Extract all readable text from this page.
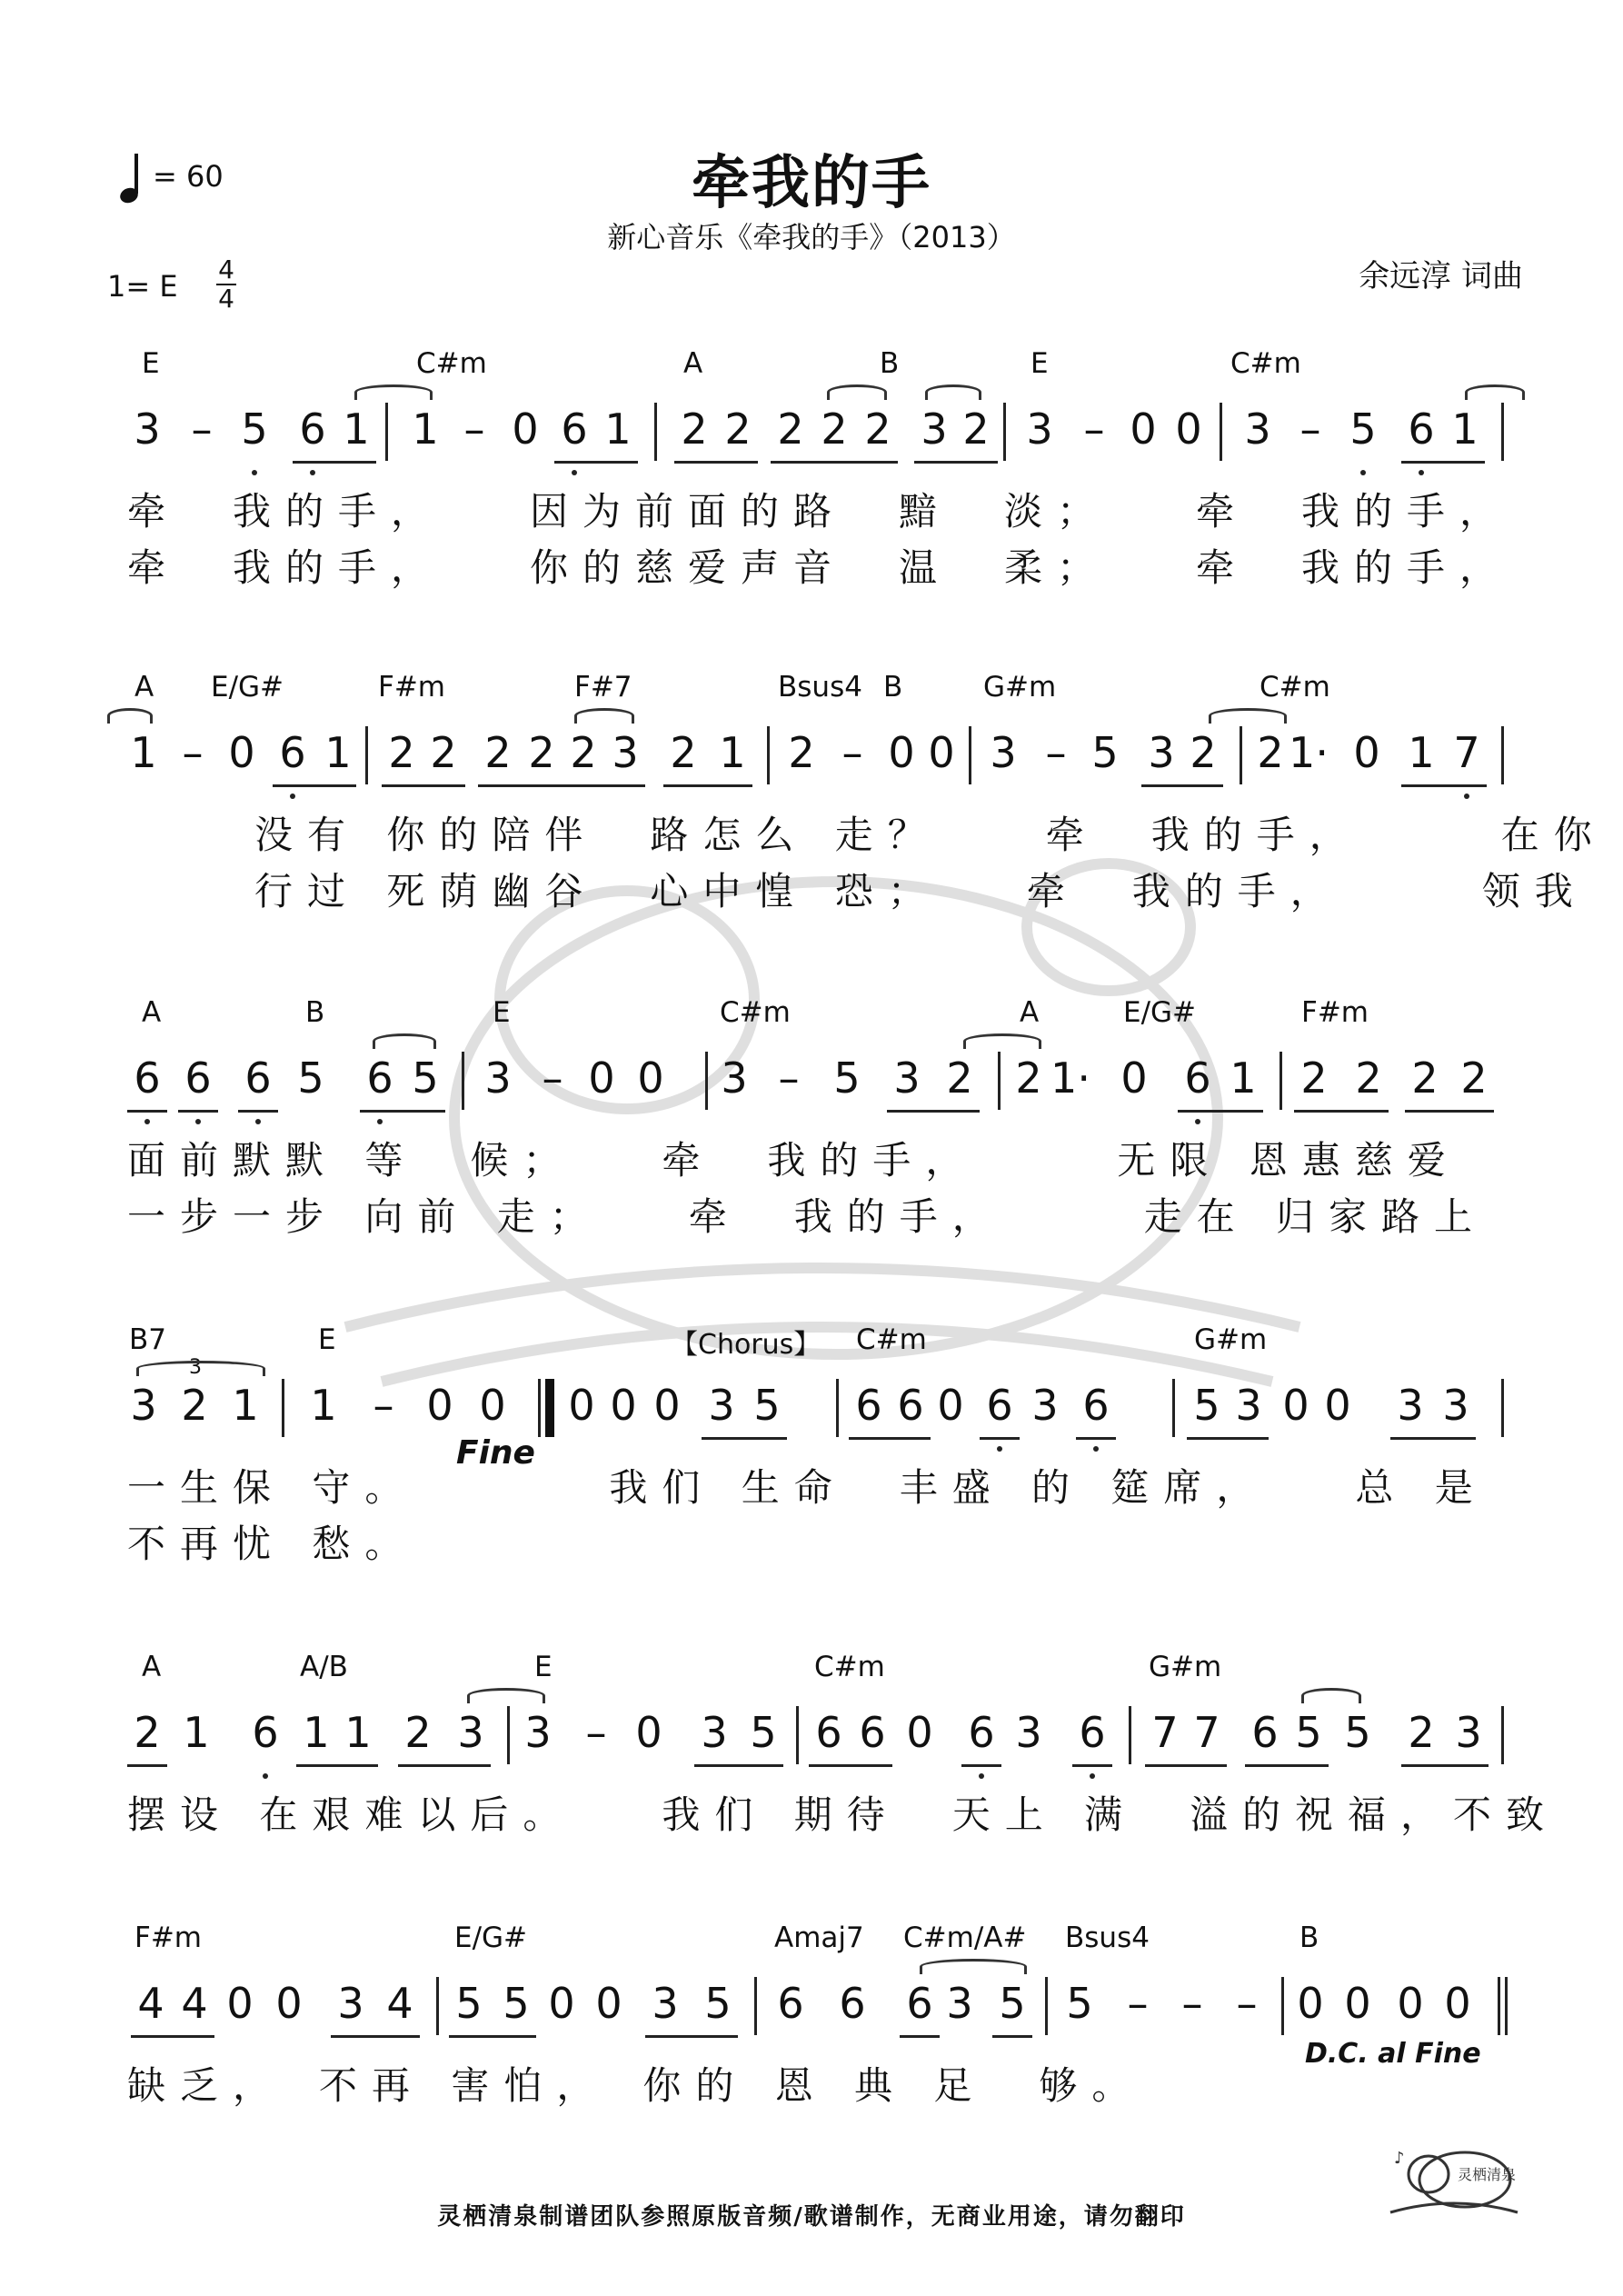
牵我的手
新心音乐《牵我的手》（2013）
余远淳 词曲
= 60
1= E 4
4
E	C#m	A	B	E	C#m
3 – 5 6 1 1 – 0 6 1 2 2 2 2 2 3 2 3 – 0 0 3 – 5 6 1
牵　我的手，　　因为前面的路　黯　淡；　　牵　我的手，
牵　我的手，　　你的慈爱声音　温　柔；　　牵　我的手，
A E/G#	F#m	F#7	Bsus4 B	G#m	C#m
1 – 0 6 1 2 2 2 2 2 3 2 1 2 – 0 0 3 – 5 3 2 2 1· 0 1 7
没有 你的陪伴　路怎么 走？　　牵　我的手，　　　在你
行过 死荫幽谷　心中惶 恐；　　牵　我的手，　　　领我
A	B	E	C#m	A	E/G#	F#m
6 6 6 5 6 5 3 – 0 0 3 – 5 3 2 2 1· 0 6 1 2 2 2 2
面前默默 等　候；　　牵　我的手，　　　无限 恩惠慈爱
一步一步 向前 走；　　牵　我的手，　　　走在 归家路上
B7	E	【Chorus】 C#m	G#m
3
3 2 1 1 – 0 0 0 0 0 3 5 6 6 0 6 3 6 5 3 0 0 3 3
Fine
一生保 守。　　　　我们 生命　丰盛 的 筵席，　　总 是
不再忧 愁。
A	A/B	E	C#m	G#m
2 1 6 1 1 2 3 3 – 0 3 5 6 6 0 6 3 6 7 7 6 5 5 2 3
摆设 在艰难以后。　　我们 期待　天上 满　溢的祝福，不致
F#m	E/G#	Amaj7 C#m/A# Bsus4	B
4 4 0 0 3 4 5 5 0 0 3 5 6 6 6 3 5 5 – – – 0 0 0 0
D.C. al Fine
缺乏，　不再 害怕，　你的 恩 典 足　够。
灵栖清泉制谱团队参照原版音频/歌谱制作，无商业用途，请勿翻印
♪
灵栖清泉
